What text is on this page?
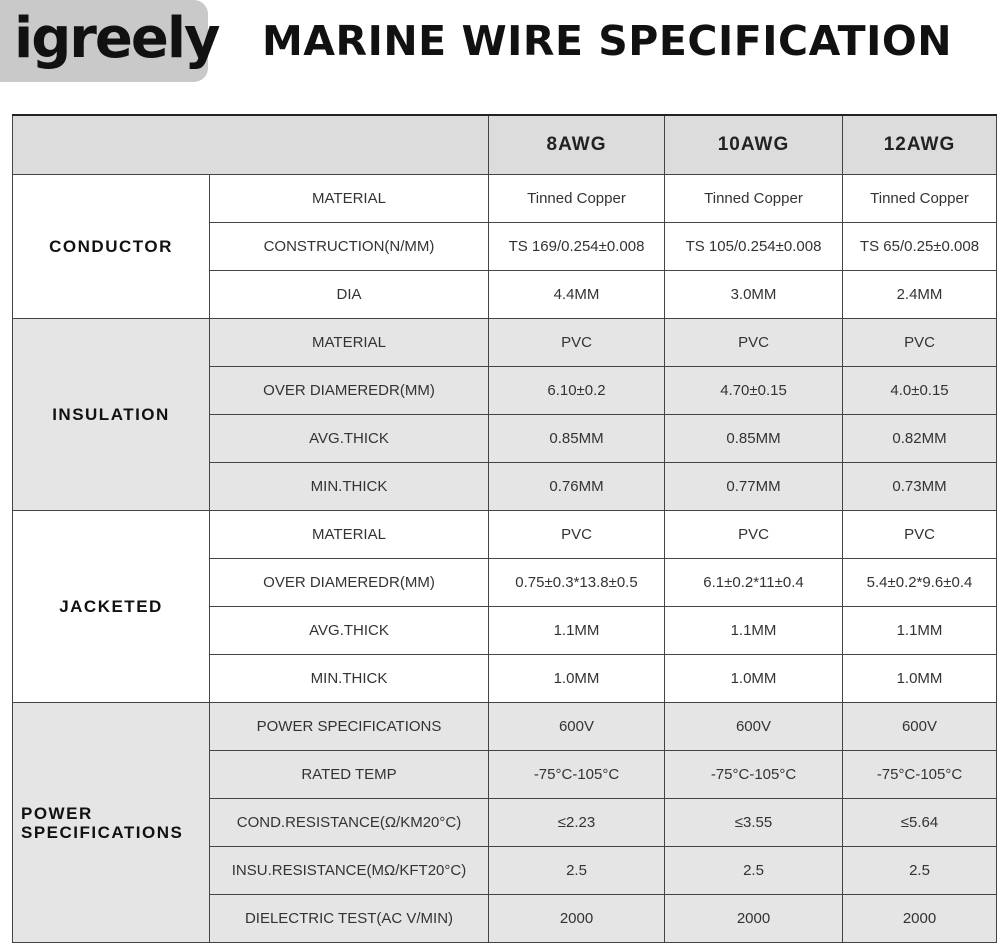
igreely MARINE WIRE SPECIFICATION
		8AWG	10AWG	12AWG
CONDUCTOR	MATERIAL	Tinned Copper	Tinned Copper	Tinned Copper
	CONSTRUCTION(N/MM)	TS 169/0.254±0.008	TS 105/0.254±0.008	TS 65/0.25±0.008
	DIA	4.4MM	3.0MM	2.4MM
INSULATION	MATERIAL	PVC	PVC	PVC
	OVER DIAMEREDR(MM)	6.10±0.2	4.70±0.15	4.0±0.15
	AVG.THICK	0.85MM	0.85MM	0.82MM
	MIN.THICK	0.76MM	0.77MM	0.73MM
JACKETED	MATERIAL	PVC	PVC	PVC
	OVER DIAMEREDR(MM)	0.75±0.3*13.8±0.5	6.1±0.2*11±0.4	5.4±0.2*9.6±0.4
	AVG.THICK	1.1MM	1.1MM	1.1MM
	MIN.THICK	1.0MM	1.0MM	1.0MM
POWER SPECIFICATIONS	POWER SPECIFICATIONS	600V	600V	600V
	RATED TEMP	-75°C-105°C	-75°C-105°C	-75°C-105°C
	COND.RESISTANCE(Ω/KM20°C)	≤2.23	≤3.55	≤5.64
	INSU.RESISTANCE(MΩ/KFT20°C)	2.5	2.5	2.5
	DIELECTRIC TEST(AC V/MIN)	2000	2000	2000
